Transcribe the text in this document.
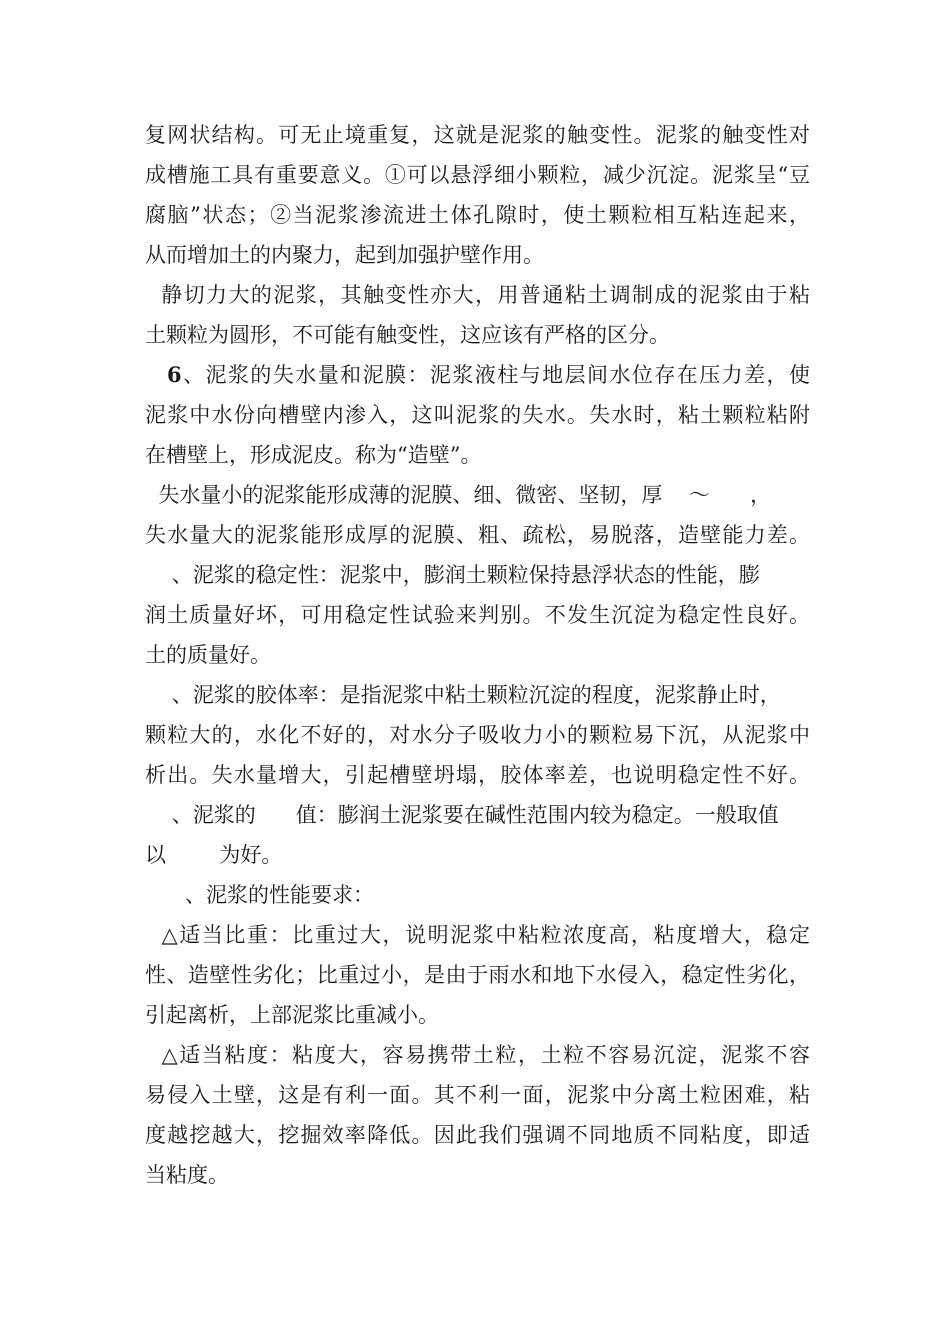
复网状结构。可无止境重复，这就是泥浆的触变性。泥浆的触变性对
成槽施工具有重要意义。①可以悬浮细小颗粒，减少沉淀。泥浆呈“豆
腐脑”状态；②当泥浆渗流进土体孔隙时，使土颗粒相互粘连起来，
从而增加土的内聚力，起到加强护壁作用。
静切力大的泥浆，其触变性亦大，用普通粘土调制成的泥浆由于粘
土颗粒为圆形，不可能有触变性，这应该有严格的区分。
6、泥浆的失水量和泥膜：泥浆液柱与地层间水位存在压力差，使
泥浆中水份向槽壁内渗入，这叫泥浆的失水。失水时，粘土颗粒粘附
在槽壁上，形成泥皮。称为“造壁”。
失水量小的泥浆能形成薄的泥膜、细、微密、坚韧，厚    ～      ，
失水量大的泥浆能形成厚的泥膜、粗、疏松，易脱落，造壁能力差。
、泥浆的稳定性：泥浆中，膨润土颗粒保持悬浮状态的性能，膨
润土质量好坏，可用稳定性试验来判别。不发生沉淀为稳定性良好。
土的质量好。
、泥浆的胶体率：是指泥浆中粘土颗粒沉淀的程度，泥浆静止时，
颗粒大的，水化不好的，对水分子吸收力小的颗粒易下沉，从泥浆中
析出。失水量增大，引起槽壁坍塌，胶体率差，也说明稳定性不好。
、泥浆的      值：膨润土泥浆要在碱性范围内较为稳定。一般取值
以        为好。
、泥浆的性能要求：
△适当比重：比重过大，说明泥浆中粘粒浓度高，粘度增大，稳定
性、造壁性劣化；比重过小，是由于雨水和地下水侵入，稳定性劣化，
引起离析，上部泥浆比重减小。
△适当粘度：粘度大，容易携带土粒，土粒不容易沉淀，泥浆不容
易侵入土壁，这是有利一面。其不利一面，泥浆中分离土粒困难，粘
度越挖越大，挖掘效率降低。因此我们强调不同地质不同粘度，即适
当粘度。
